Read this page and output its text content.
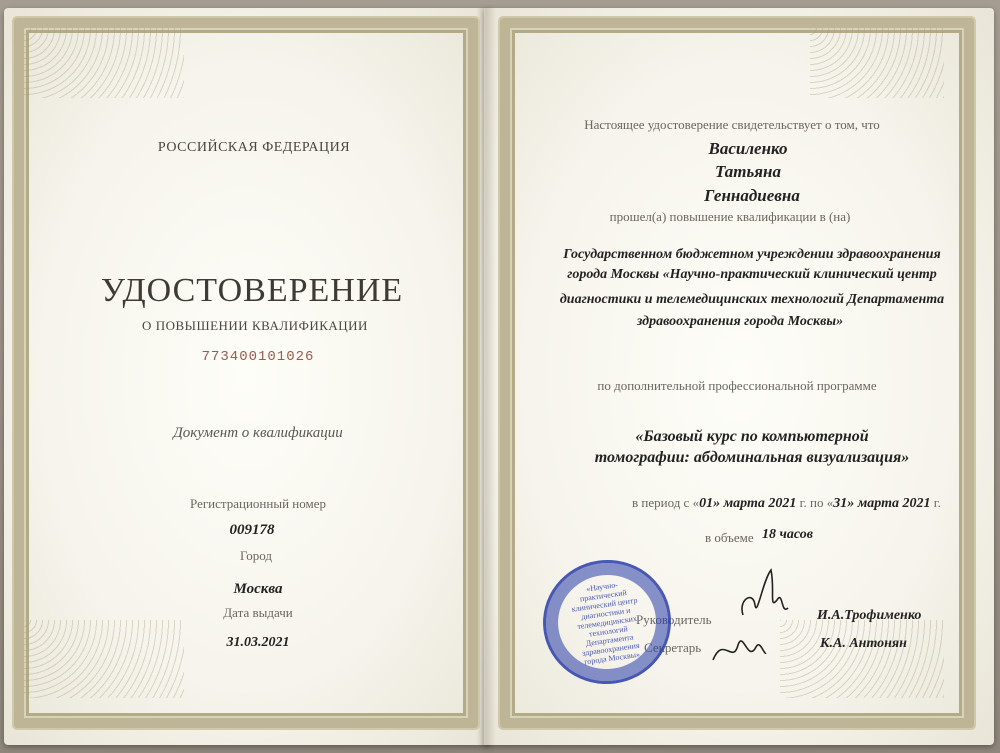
РОССИЙСКАЯ ФЕДЕРАЦИЯ
УДОСТОВЕРЕНИЕ
О ПОВЫШЕНИИ КВАЛИФИКАЦИИ
773400101026
Документ о квалификации
Регистрационный номер
009178
Город
Москва
Дата выдачи
31.03.2021
Настоящее удостоверение свидетельствует о том, что
Василенко
Татьяна
Геннадиевна
прошел(а) повышение квалификации в (на)
Государственном бюджетном учреждении здравоохранения
города Москвы «Научно-практический клинический центр
диагностики и телемедицинских технологий Департамента
здравоохранения города Москвы»
по дополнительной профессиональной программе
«Базовый курс по компьютерной
томографии: абдоминальная визуализация»
в период с «01» марта 2021 г. по «31» марта 2021 г.
в объеме 18 часов
Руководитель
Секретарь
И.А.Трофименко
К.А. Антонян
«Научно-практический клинический центр диагностики и телемедицинских технологий Департамента здравоохранения города Москвы»
